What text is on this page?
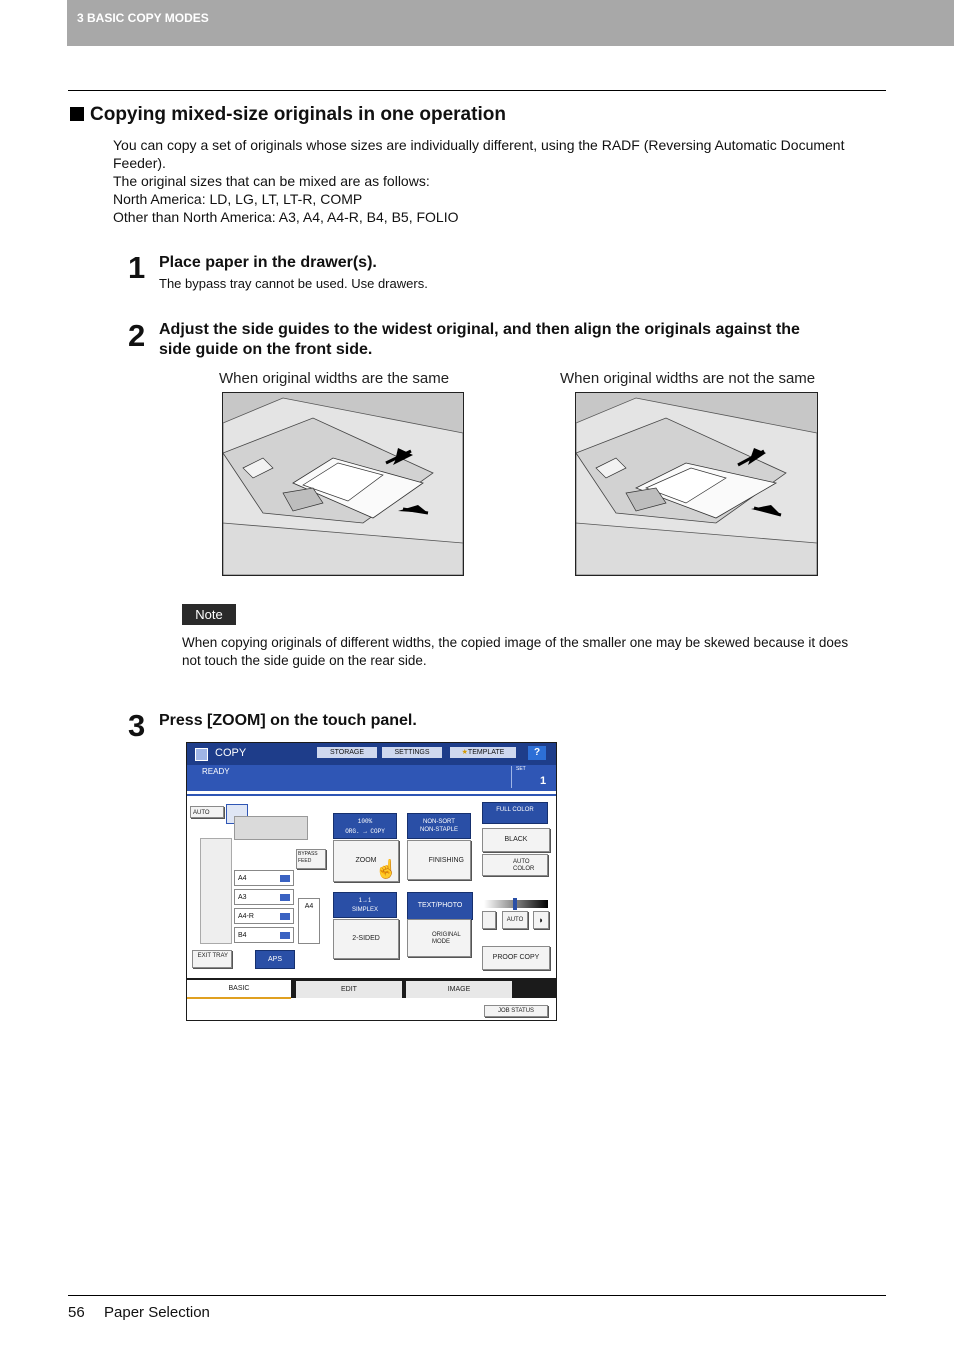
3 BASIC COPY MODES
Copying mixed-size originals in one operation
You can copy a set of originals whose sizes are individually different, using the RADF (Reversing Automatic Document
Feeder).
The original sizes that can be mixed are as follows:
North America: LD, LG, LT, LT-R, COMP
Other than North America: A3, A4, A4-R, B4, B5, FOLIO
1 Place paper in the drawer(s).
The bypass tray cannot be used. Use drawers.
2 Adjust the side guides to the widest original, and then align the originals against the
side guide on the front side.
When original widths are the same	When original widths are not the same
Note
When copying originals of different widths, the copied image of the smaller one may be skewed because it does
not touch the side guide on the rear side.
3 Press [ZOOM] on the touch panel.
COPY	STORAGE	SETTINGS	★TEMPLATE	?
READY	SET
1
AUTO
BYPASS FEED
A4
A3
A4-R
B4
A4
EXIT TRAY	APS
100%
ORG. → COPY
ZOOM
☝
1→1
SIMPLEX
2-SIDED
NON-SORT
NON-STAPLE
FINISHING
TEXT/PHOTO
ORIGINAL MODE
FULL COLOR
BLACK
AUTO COLOR
AUTO	◗
PROOF COPY
BASIC	EDIT	IMAGE
JOB STATUS
56 Paper Selection
